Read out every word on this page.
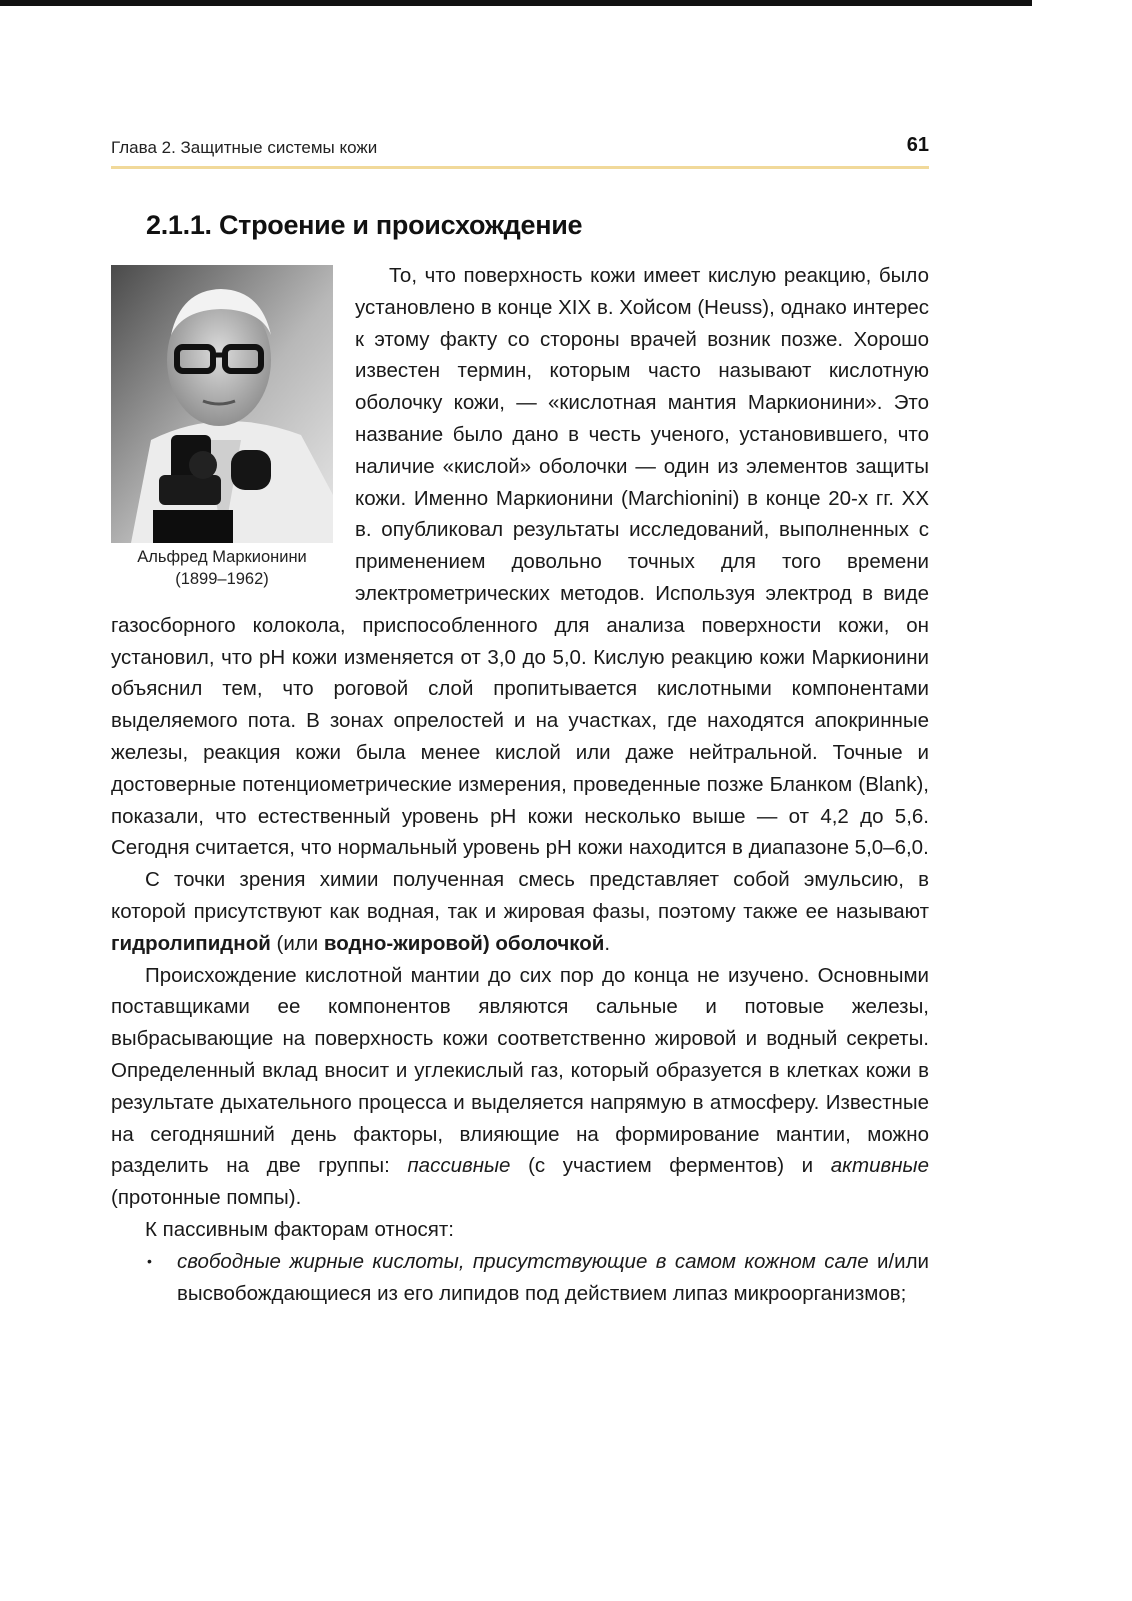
Глава 2. Защитные системы кожи	61
2.1.1. Строение и происхождение
Альфред Маркионини
(1899–1962)

То, что поверхность кожи имеет кислую реакцию, было установлено в конце XIX в. Хойсом (Heuss), однако интерес к этому факту со стороны врачей возник позже. Хорошо известен термин, которым часто называют кислотную оболочку кожи, — «кислотная мантия Маркионини». Это название было дано в честь ученого, установившего, что наличие «кислой» оболочки — один из элементов защиты кожи. Именно Маркионини (Marchionini) в конце 20-х гг. XX в. опубликовал результаты исследований, выполненных с применением довольно точных для того времени электрометрических методов. Используя электрод в виде газосборного колокола, приспособленного для анализа поверхности кожи, он установил, что pH кожи изменяется от 3,0 до 5,0. Кислую реакцию кожи Маркионини объяснил тем, что роговой слой пропитывается кислотными компонентами выделяемого пота. В зонах опрелостей и на участках, где находятся апокринные железы, реакция кожи была менее кислой или даже нейтральной. Точные и достоверные потенциометрические измерения, проведенные позже Бланком (Blank), показали, что естественный уровень pH кожи несколько выше — от 4,2 до 5,6. Сегодня считается, что нормальный уровень pH кожи находится в диапазоне 5,0–6,0.

С точки зрения химии полученная смесь представляет собой эмульсию, в которой присутствуют как водная, так и жировая фазы, поэтому также ее называют гидролипидной (или водно-жировой) оболочкой.

Происхождение кислотной мантии до сих пор до конца не изучено. Основными поставщиками ее компонентов являются сальные и потовые железы, выбрасывающие на поверхность кожи соответственно жировой и водный секреты. Определенный вклад вносит и углекислый газ, который образуется в клетках кожи в результате дыхательного процесса и выделяется напрямую в атмосферу. Известные на сегодняшний день факторы, влияющие на формирование мантии, можно разделить на две группы: пассивные (с участием ферментов) и активные (протонные помпы).

К пассивным факторам относят:

• свободные жирные кислоты, присутствующие в самом кожном сале и/или высвобождающиеся из его липидов под действием липаз микроорганизмов;
